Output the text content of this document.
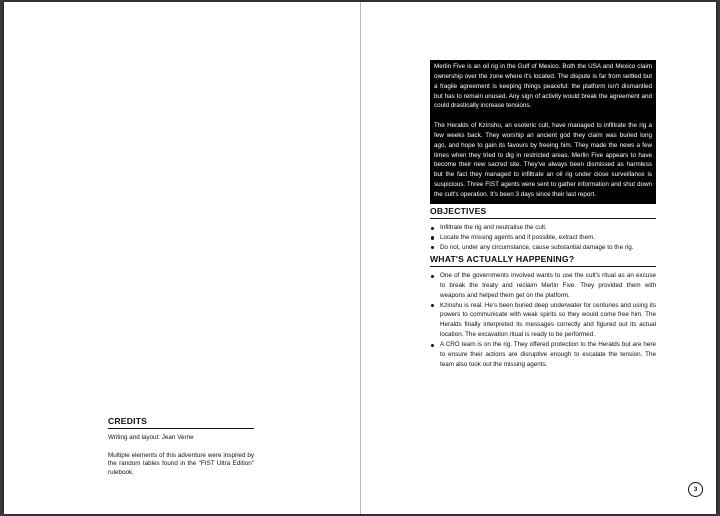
CREDITS

Writing and layout: Jean Verne

Multiple elements of this adventure were inspired by the random tables found in the "FIST Ultra Edition" rulebook.

Merlin Five is an oil rig in the Gulf of Mexico. Both the USA and Mexico claim ownership over the zone where it's located. The dispute is far from settled but a fragile agreement is keeping things peaceful: the platform isn't dismantled but has to remain unused. Any sign of activity would break the agreement and could drastically increase tensions.

The Heralds of Kzinshu, an esoteric cult, have managed to infiltrate the rig a few weeks back. They worship an ancient god they claim was buried long ago, and hope to gain its favours by freeing him. They made the news a few times when they tried to dig in restricted areas. Merlin Five appears to have become their new sacred site. They've always been dismissed as harmless but the fact they managed to infiltrate an oil rig under close surveillance is suspicious. Three FIST agents were sent to gather information and shut down the cult's operation. It's been 3 days since their last report.

OBJECTIVES
Infiltrate the rig and neutralise the cult.
Locate the missing agents and if possible, extract them.
Do not, under any circumstance, cause substantial damage to the rig.
WHAT'S ACTUALLY HAPPENING?
One of the governments involved wants to use the cult's ritual as an excuse to break the treaty and reclaim Merlin Five. They provided them with weapons and helped them get on the platform.
Kzinshu is real. He's been buried deep underwater for centuries and using its powers to communicate with weak spirits so they would come free him. The Heralds finally interpreted its messages correctly and figured out its actual location. The excavation ritual is ready to be performed.
A CRO team is on the rig. They offered protection to the Heralds but are here to ensure their actions are disruptive enough to escalate the tension. The team also took out the missing agents.
3
